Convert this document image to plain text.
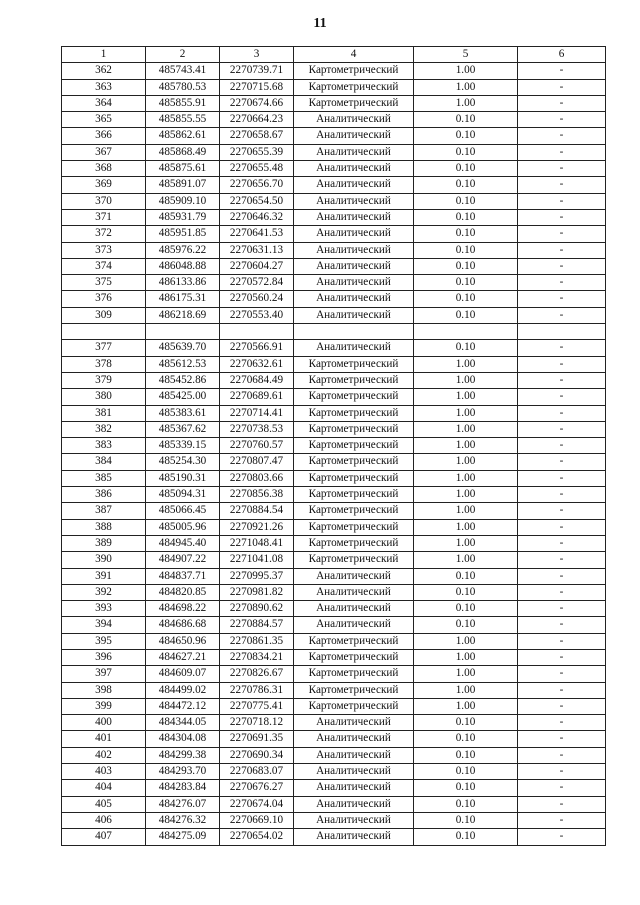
11
1	2	3	4	5	6
362	485743.41	2270739.71	Картометрический	1.00	-
363	485780.53	2270715.68	Картометрический	1.00	-
364	485855.91	2270674.66	Картометрический	1.00	-
365	485855.55	2270664.23	Аналитический	0.10	-
366	485862.61	2270658.67	Аналитический	0.10	-
367	485868.49	2270655.39	Аналитический	0.10	-
368	485875.61	2270655.48	Аналитический	0.10	-
369	485891.07	2270656.70	Аналитический	0.10	-
370	485909.10	2270654.50	Аналитический	0.10	-
371	485931.79	2270646.32	Аналитический	0.10	-
372	485951.85	2270641.53	Аналитический	0.10	-
373	485976.22	2270631.13	Аналитический	0.10	-
374	486048.88	2270604.27	Аналитический	0.10	-
375	486133.86	2270572.84	Аналитический	0.10	-
376	486175.31	2270560.24	Аналитический	0.10	-
309	486218.69	2270553.40	Аналитический	0.10	-

377	485639.70	2270566.91	Аналитический	0.10	-
378	485612.53	2270632.61	Картометрический	1.00	-
379	485452.86	2270684.49	Картометрический	1.00	-
380	485425.00	2270689.61	Картометрический	1.00	-
381	485383.61	2270714.41	Картометрический	1.00	-
382	485367.62	2270738.53	Картометрический	1.00	-
383	485339.15	2270760.57	Картометрический	1.00	-
384	485254.30	2270807.47	Картометрический	1.00	-
385	485190.31	2270803.66	Картометрический	1.00	-
386	485094.31	2270856.38	Картометрический	1.00	-
387	485066.45	2270884.54	Картометрический	1.00	-
388	485005.96	2270921.26	Картометрический	1.00	-
389	484945.40	2271048.41	Картометрический	1.00	-
390	484907.22	2271041.08	Картометрический	1.00	-
391	484837.71	2270995.37	Аналитический	0.10	-
392	484820.85	2270981.82	Аналитический	0.10	-
393	484698.22	2270890.62	Аналитический	0.10	-
394	484686.68	2270884.57	Аналитический	0.10	-
395	484650.96	2270861.35	Картометрический	1.00	-
396	484627.21	2270834.21	Картометрический	1.00	-
397	484609.07	2270826.67	Картометрический	1.00	-
398	484499.02	2270786.31	Картометрический	1.00	-
399	484472.12	2270775.41	Картометрический	1.00	-
400	484344.05	2270718.12	Аналитический	0.10	-
401	484304.08	2270691.35	Аналитический	0.10	-
402	484299.38	2270690.34	Аналитический	0.10	-
403	484293.70	2270683.07	Аналитический	0.10	-
404	484283.84	2270676.27	Аналитический	0.10	-
405	484276.07	2270674.04	Аналитический	0.10	-
406	484276.32	2270669.10	Аналитический	0.10	-
407	484275.09	2270654.02	Аналитический	0.10	-
